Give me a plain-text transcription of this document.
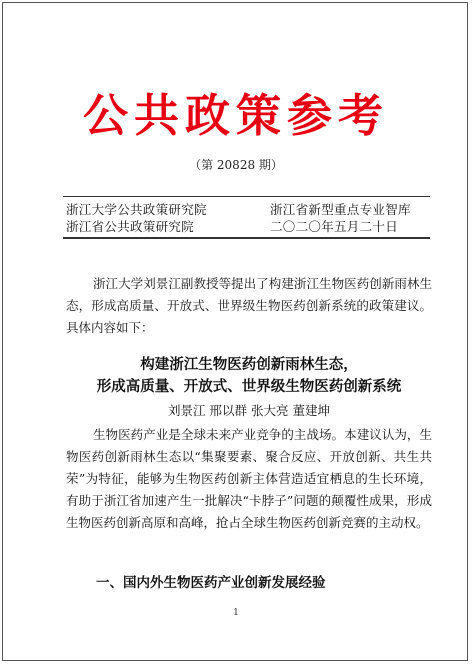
公共政策参考
（第 20828 期）
浙江大学公共政策研究院
浙江省公共政策研究院
浙江省新型重点专业智库
二〇二〇年五月二十日
浙江大学刘景江副教授等提出了构建浙江生物医药创新雨林生态，形成高质量、开放式、世界级生物医药创新系统的政策建议。具体内容如下：
构建浙江生物医药创新雨林生态，
形成高质量、开放式、世界级生物医药创新系统
刘景江 邢以群 张大亮 董建坤
生物医药产业是全球未来产业竞争的主战场。本建议认为，生物医药创新雨林生态以“集聚要素、聚合反应、开放创新、共生共荣”为特征，能够为生物医药创新主体营造适宜栖息的生长环境，有助于浙江省加速产生一批解决“卡脖子”问题的颠覆性成果，形成生物医药创新高原和高峰，抢占全球生物医药创新竞赛的主动权。
一、国内外生物医药产业创新发展经验
1
